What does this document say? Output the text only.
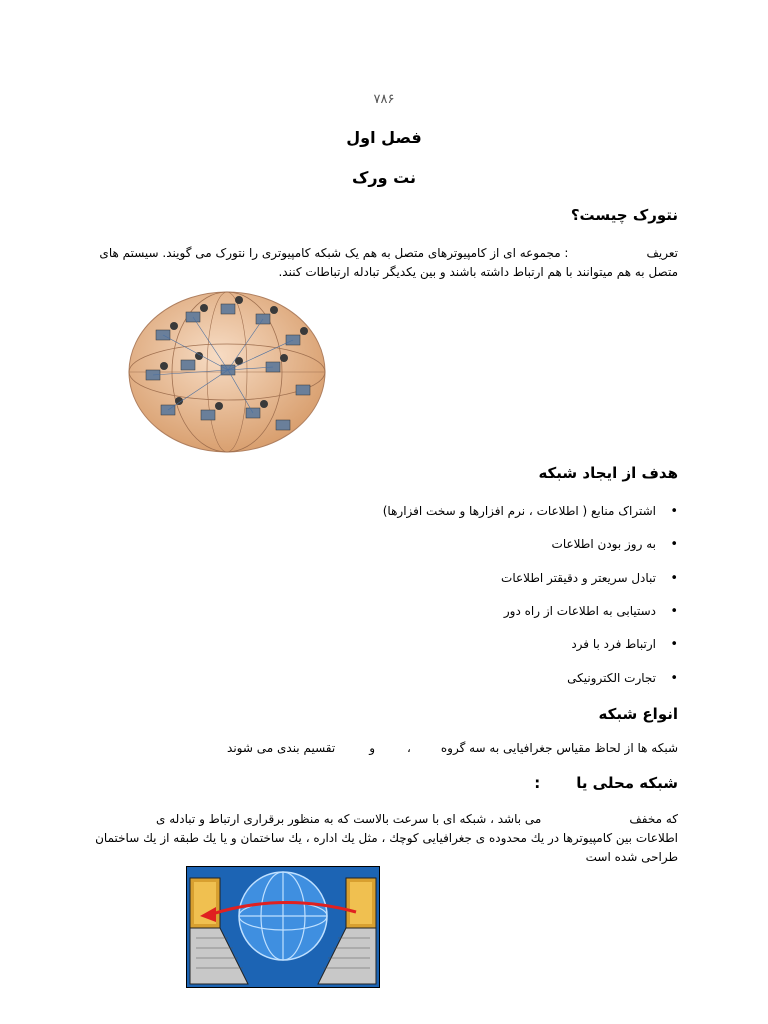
۷۸۶
فصل اول
نت ورک
نتورک چیست؟
تعریف: مجموعه ای از کامپیوترهای متصل به هم یک شبکه کامپیوتری را نتورک می گویند. سیستم های
متصل به هم میتوانند با هم ارتباط داشته باشند و بین یکدیگر تبادله ارتباطات کنند.
هدف از ایجاد شبکه
• اشتراک منابع ( اطلاعات ، نرم افزارها و سخت افزارها)
• به روز بودن اطلاعات
• تبادل سریعتر و دقیقتر اطلاعات
• دستیابی به اطلاعات از راه دور
• ارتباط فرد با فرد
• تجارت الکترونیکی
انواع شبکه
شبکه ها از لحاظ مقیاس جغرافیایی به سه گروه،وتقسیم بندی می شوند
شبکه محلی یا:
که مخففمی باشد ، شبکه ای با سرعت بالاست که به منظور برقراری ارتباط و تبادله ی
اطلاعات بین کامپیوترها در یك محدوده ی جغرافیایی کوچك ، مثل یك اداره ، یك ساختمان و یا یك طبقه از یك ساختمان
طراحی شده است
